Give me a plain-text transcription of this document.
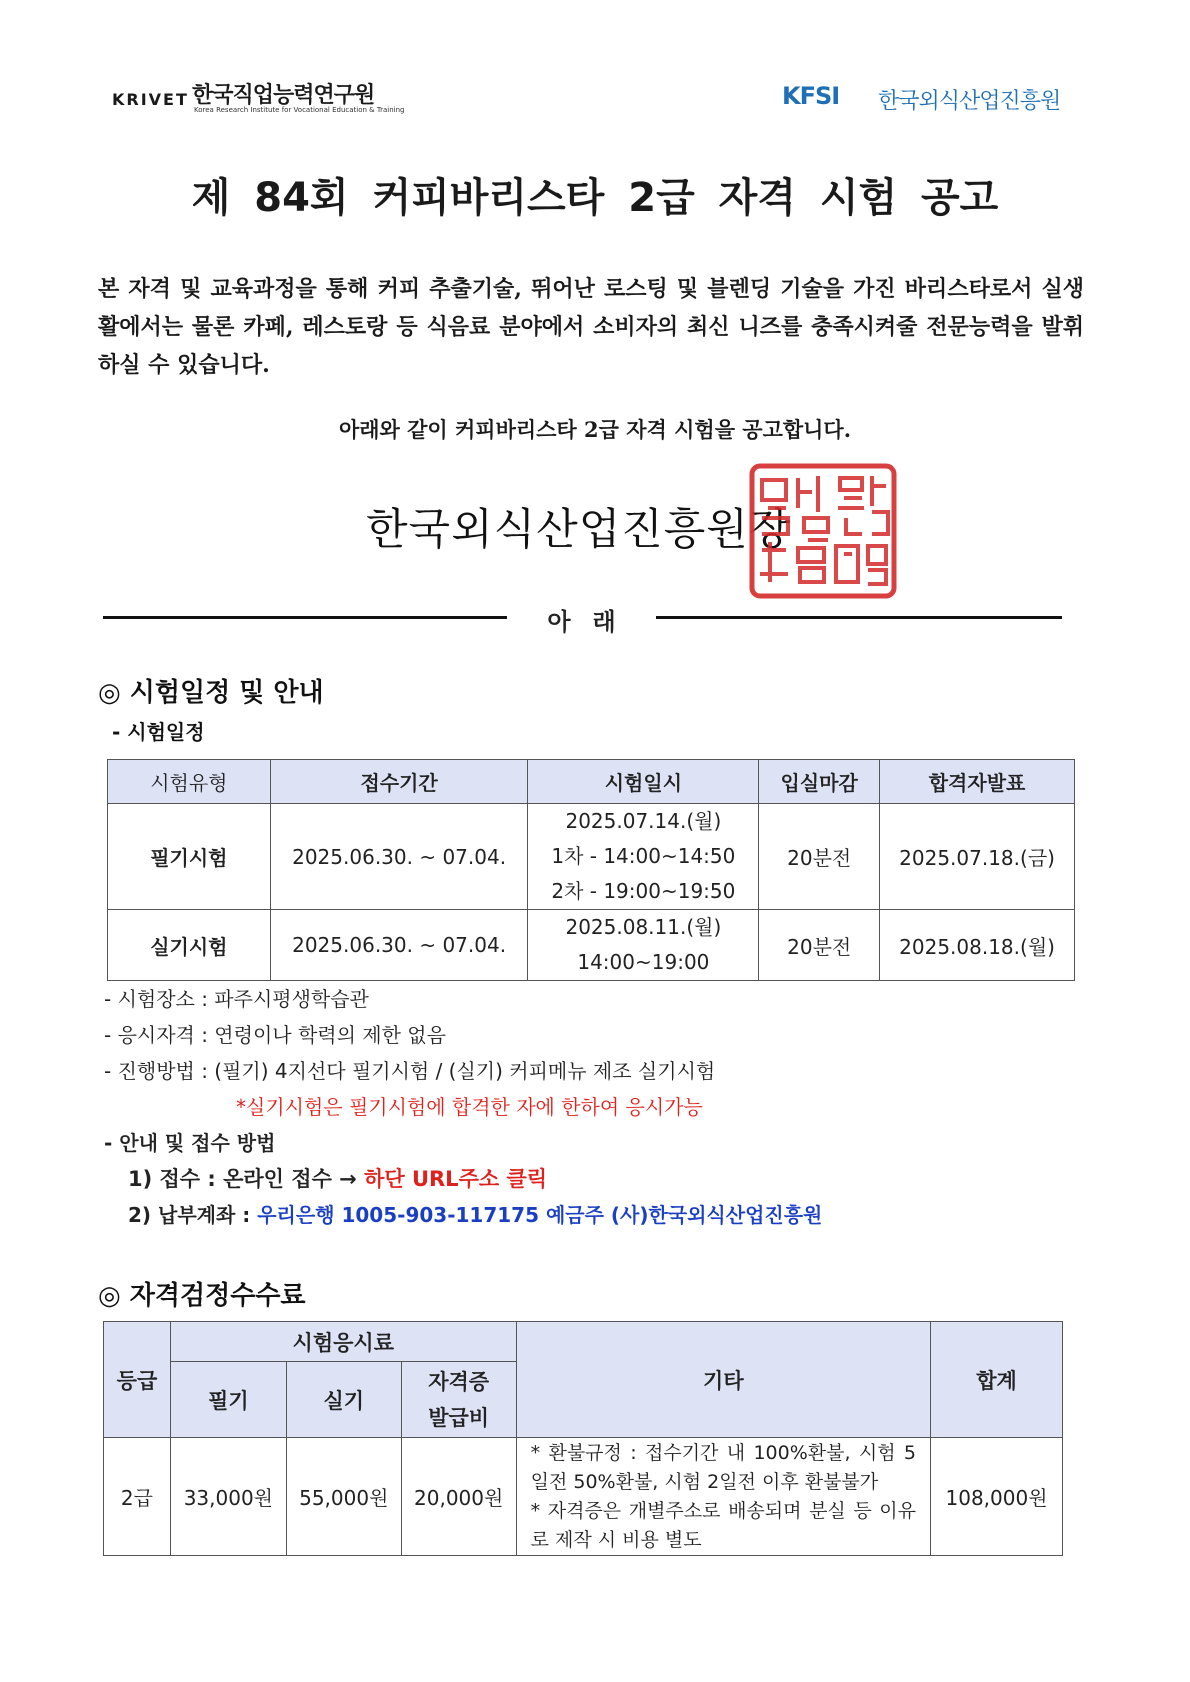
KRIVET 한국직업능력연구원
Korea Research Institute for Vocational Education & Training	KFSI 한국외식산업진흥원
제 84회 커피바리스타 2급 자격 시험 공고
본 자격 및 교육과정을 통해 커피 추출기술, 뛰어난 로스팅 및 블렌딩 기술을 가진 바리스타로서 실생활에서는 물론 카페, 레스토랑 등 식음료 분야에서 소비자의 최신 니즈를 충족시켜줄 전문능력을 발휘하실 수 있습니다.
아래와 같이 커피바리스타 2급 자격 시험을 공고합니다.
한국외식산업진흥원장
아래
◎ 시험일정 및 안내
- 시험일정
시험유형	접수기간	시험일시	입실마감	합격자발표
필기시험	2025.06.30. ~ 07.04.	2025.07.14.(월)
1차 - 14:00~14:50
2차 - 19:00~19:50	20분전	2025.07.18.(금)
실기시험	2025.06.30. ~ 07.04.	2025.08.11.(월)
14:00~19:00	20분전	2025.08.18.(월)
- 시험장소 : 파주시평생학습관
- 응시자격 : 연령이나 학력의 제한 없음
- 진행방법 : (필기) 4지선다 필기시험 / (실기) 커피메뉴 제조 실기시험
*실기시험은 필기시험에 합격한 자에 한하여 응시가능
- 안내 및 접수 방법
1) 접수 : 온라인 접수 → 하단 URL주소 클릭
2) 납부계좌 : 우리은행 1005-903-117175 예금주 (사)한국외식산업진흥원
◎ 자격검정수수료
등급	시험응시료			기타	합계
	필기	실기	자격증 발급비		
2급	33,000원	55,000원	20,000원	* 환불규정 : 접수기간 내 100%환불, 시험 5일전 50%환불, 시험 2일전 이후 환불불가
* 자격증은 개별주소로 배송되며 분실 등 이유로 제작 시 비용 별도	108,000원
